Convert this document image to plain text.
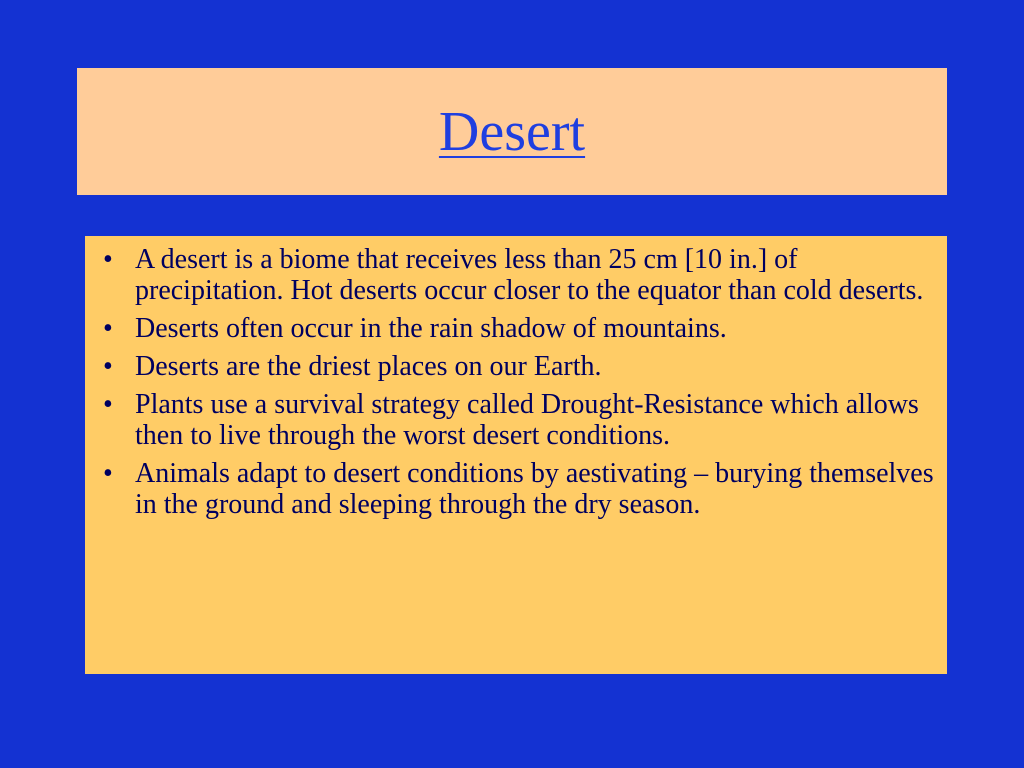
Desert
• A desert is a biome that receives less than 25 cm [10 in.] of precipitation. Hot deserts occur closer to the equator than cold deserts.
• Deserts often occur in the rain shadow of mountains.
• Deserts are the driest places on our Earth.
• Plants use a survival strategy called Drought-Resistance which allows then to live through the worst desert conditions.
• Animals adapt to desert conditions by aestivating – burying themselves in the ground and sleeping through the dry season.
